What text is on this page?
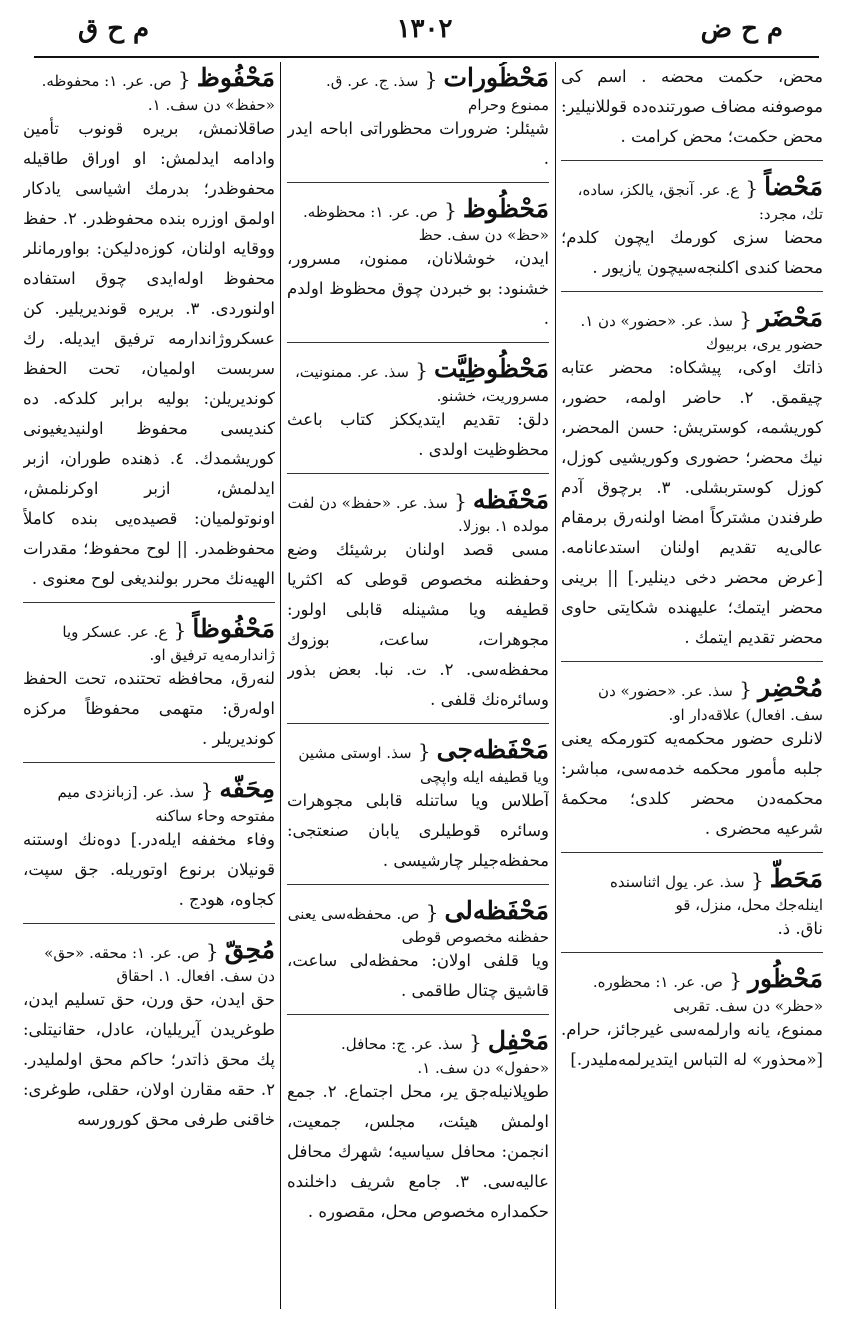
م ح ض
۱۳۰۲
م ح ق

محض، حكمت محضه . اسم كى موصوفنه مضاف صورتنده‌ده قوللانيلير: محض حكمت؛ محض كرامت .

مَحْضاً{ ع. عر. آنجق، يالكز، ساده، تك، مجرد:

محضا سزى كورمك ايچون كلدم؛ محضا كندى اكلنجه‌سيچون يازيور .

مَحْضَر{ سذ. عر. «حضور» دن ١. حضور يرى، بربيوك

ذاتك اوكى، پيشكاه: محضر عتابه چيقمق. ٢. حاضر اولمه، حضور، كوريشمه، كوستريش: حسن المحضر، نيك محضر؛ حضورى وكوريشيى كوزل، كوزل كوستربشلى. ٣. برچوق آدم طرفندن مشتركاً امضا اولنه‌رق برمقام عالى‌يه تقديم اولنان استدعانامه. [عرض محضر دخى دينلير.] || برينى محضر ايتمك؛ عليهنده شكايتى حاوى محضر تقديم ايتمك .

مُحْضِر{ سذ. عر. «حضور» دن سف. افعال) علاقه‌دار او.

لانلرى حضور محكمه‌يه كتورمكه يعنى جلبه مأمور محكمه خدمه‌سى، مباشر: محكمه‌دن محضر كلدى؛ محكمهٔ شرعيه محضرى .

مَحَطّ{ سذ. عر. يول اثناسنده اينله‌جك محل، منزل، قو

ناق. ذ.

مَحْظُور{ ص. عر. ١: محظوره. «حظر» دن سف. تقربى

ممنوع، يانه وارلمه‌سى غيرجائز، حرام. [«محذور» له التباس ايتديرلمه‌مليدر.]

مَحْظُورات{ سذ. ج. عر. ق. ممنوع وحرام

شيئلر: ضرورات محظوراتى اباحه ايدر .

مَحْظُوظ{ ص. عر. ١: محظوظه. «حظ» دن سف. حظ

ايدن، خوشلانان، ممنون، مسرور، خشنود: بو خبردن چوق محظوظ اولدم .

مَحْظُوظِيَّت{ سذ. عر. ممنونيت، مسروريت، خشنو.

دلق: تقديم ايتديككز كتاب باعث محظوظيت اولدى .

مَحْفَظه{ سذ. عر. «حفظ» دن لفت مولده ١. بوزلا.

مسى قصد اولنان برشيئك وضع وحفظنه مخصوص قوطى كه اكثريا قطيفه ويا مشينله قابلى اولور: مجوهرات، ساعت، بوزوك محفظه‌سى. ٢. ت. نبا. بعض بذور وسائره‌نك قلفى .

مَحْفَظه‌جى{ سذ. اوستى مشين ويا قطيفه ايله واپچى

آطلاس ويا ساتنله قابلى مجوهرات وسائره قوطيلرى يابان صنعتجى: محفظه‌جيلر چارشيسى .

مَحْفَظه‌لى{ ص. محفظه‌سى يعنى حفظنه مخصوص قوطى

ويا قلفى اولان: محفظه‌لى ساعت، قاشيق چتال طاقمى .

مَحْفِل{ سذ. عر. ج: محافل. «حفول» دن سف. ١.

طوپلانيله‌جق ير، محل اجتماع. ٢. جمع اولمش هيئت، مجلس، جمعيت، انجمن: محافل سياسيه؛ شهرك محافل عاليه‌سى. ٣. جامع شريف داخلنده حكمداره مخصوص محل، مقصوره .

مَحْفُوظ{ ص. عر. ١: محفوظه. «حفظ» دن سف. ١.

صاقلانمش، بريره قونوب تأمين وادامه ايدلمش: او اوراق طاقيله محفوظدر؛ بدرمك اشياسى يادكار اولمق اوزره بنده محفوظدر. ٢. حفظ ووقايه اولنان، كوزه‌دليكن: بواورمانلر محفوظ اوله‌ايدى چوق استفاده اولنوردى. ٣. بريره قونديريلير. كن عسكروژاندارمه ترفيق ايديله. رك سربست اولميان، تحت الحفظ كونديريلن: بوليه برابر كلدكه. ده كنديسى محفوظ اولنيديغيونى كوريشمدك. ٤. ذهنده طوران، ازبر ايدلمش، ازبر اوكرنلمش، اونوتولميان: قصيده‌يى بنده كاملاً محفوظمدر. || لوح محفوظ؛ مقدرات الهيه‌نك محرر بولنديغى لوح معنوى .

مَحْفُوظاً{ ع. عر. عسكر ويا ژاندارمه‌يه ترفيق او.

لنه‌رق، محافظه تحتنده، تحت الحفظ اوله‌رق: متهمى محفوظاً مركزه كونديريلر .

مِحَفّه{ سذ. عر. [زبانزدى ميم مفتوحه وحاء ساكنه

وفاء مخففه ايله‌در.] دوه‌نك اوستنه قونيلان برنوع اوتوريله. جق سپت، كجاوه، هودج .

مُحِقّ{ ص. عر. ١: محقه. «حق» دن سف. افعال. ١. احقاق

حق ايدن، حق ورن، حق تسليم ايدن، طوغريدن آيريليان، عادل، حقانيتلى: پك محق ذاتدر؛ حاكم محق اولمليدر. ٢. حقه مقارن اولان، حقلى، طوغرى: خاقنى طرفى محق كورورسه
